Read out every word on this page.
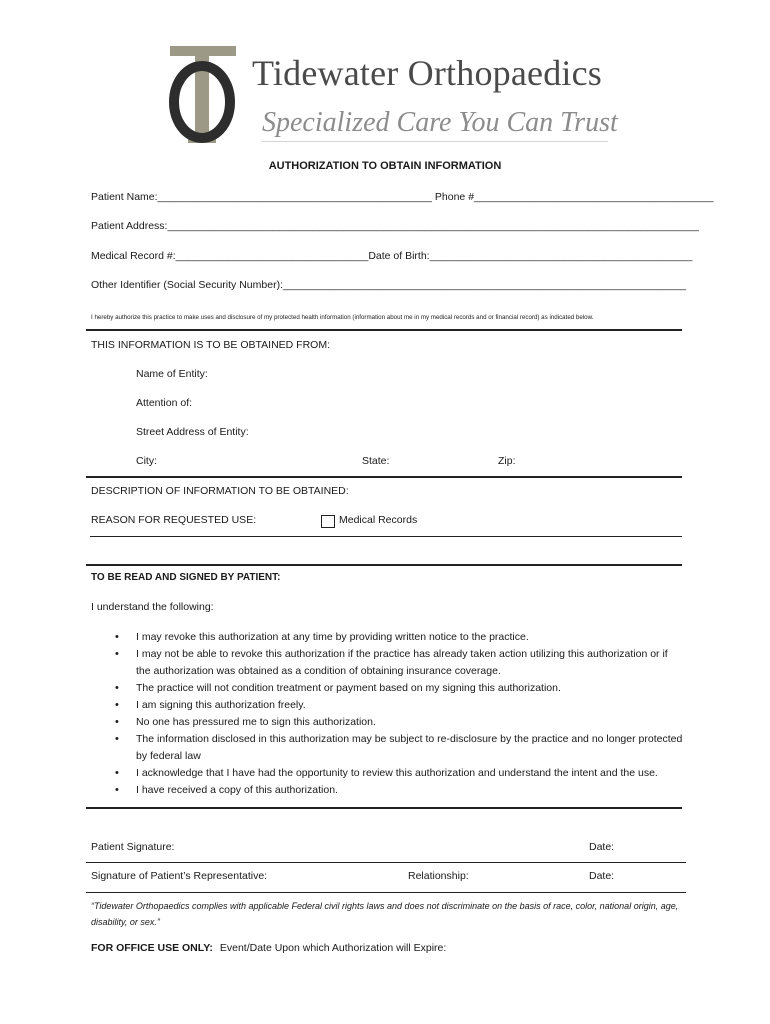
Tidewater Orthopaedics
Specialized Care You Can Trust
AUTHORIZATION TO OBTAIN INFORMATION
Patient Name:_______________________________________________ Phone #_________________________________________
Patient Address:___________________________________________________________________________________________
Medical Record #:_________________________________Date of Birth:_____________________________________________
Other Identifier (Social Security Number):_____________________________________________________________________
I hereby authorize this practice to make uses and disclosure of my protected health information (information about me in my medical records and or financial record) as indicated below.
THIS INFORMATION IS TO BE OBTAINED FROM:
Name of Entity:
Attention of:
Street Address of Entity:
City:	State:	Zip:
DESCRIPTION OF INFORMATION TO BE OBTAINED:
REASON FOR REQUESTED USE:	Medical Records
TO BE READ AND SIGNED BY PATIENT:
I understand the following:
• I may revoke this authorization at any time by providing written notice to the practice.
• I may not be able to revoke this authorization if the practice has already taken action utilizing this authorization or if the authorization was obtained as a condition of obtaining insurance coverage.
• The practice will not condition treatment or payment based on my signing this authorization.
• I am signing this authorization freely.
• No one has pressured me to sign this authorization.
• The information disclosed in this authorization may be subject to re-disclosure by the practice and no longer protected by federal law
• I acknowledge that I have had the opportunity to review this authorization and understand the intent and the use.
• I have received a copy of this authorization.
Patient Signature:	Date:
Signature of Patient’s Representative:	Relationship:	Date:
“Tidewater Orthopaedics complies with applicable Federal civil rights laws and does not discriminate on the basis of race, color, national origin, age, disability, or sex.”
FOR OFFICE USE ONLY: Event/Date Upon which Authorization will Expire:
